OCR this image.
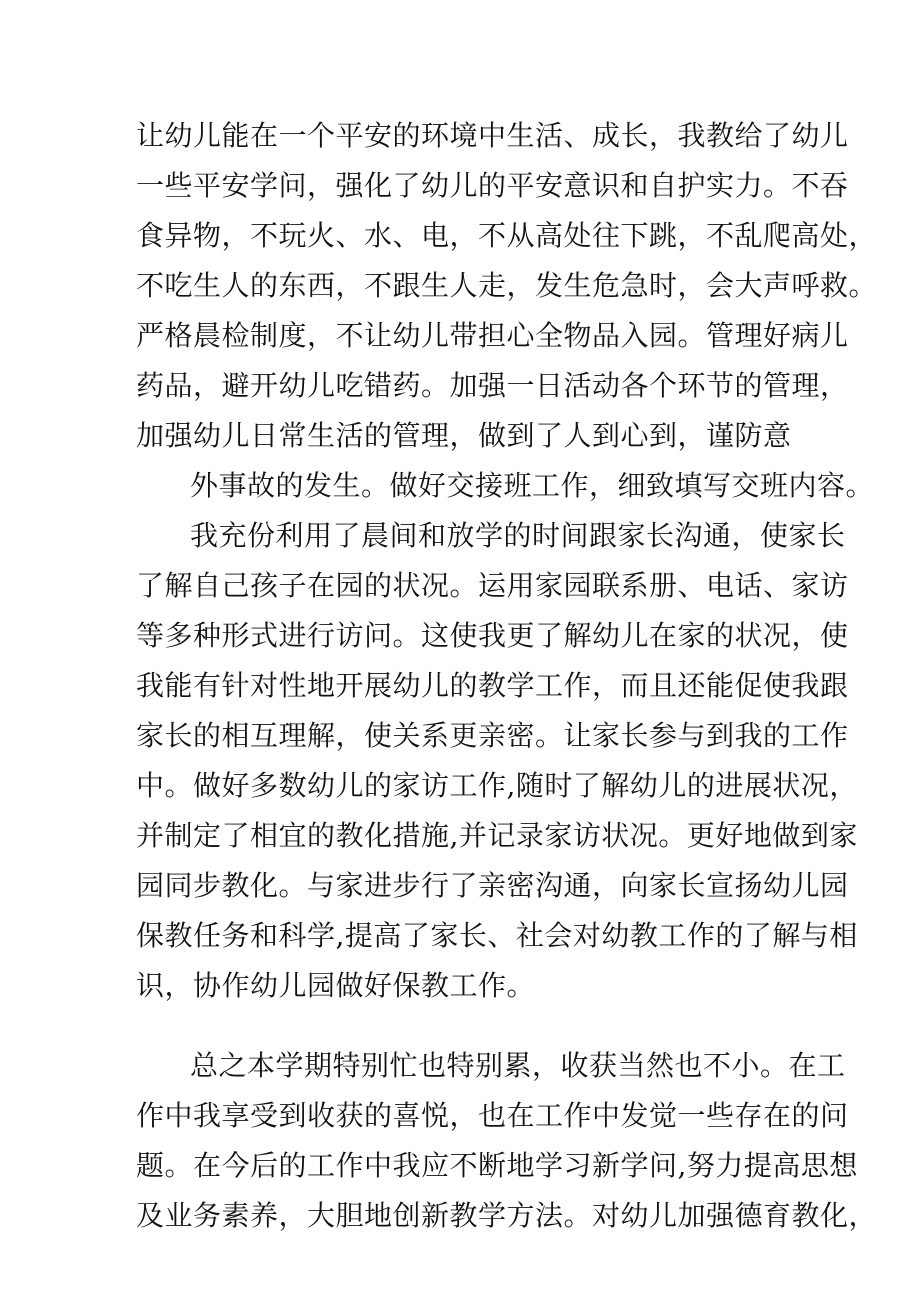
让幼儿能在一个平安的环境中生活、成长，我教给了幼儿

一些平安学问，强化了幼儿的平安意识和自护实力。不吞

食异物，不玩火、水、电，不从高处往下跳，不乱爬高处，

不吃生人的东西，不跟生人走，发生危急时，会大声呼救。

严格晨检制度，不让幼儿带担心全物品入园。管理好病儿

药品，避开幼儿吃错药。加强一日活动各个环节的管理，

加强幼儿日常生活的管理，做到了人到心到，谨防意

外事故的发生。做好交接班工作，细致填写交班内容。

我充份利用了晨间和放学的时间跟家长沟通，使家长

了解自己孩子在园的状况。运用家园联系册、电话、家访

等多种形式进行访问。这使我更了解幼儿在家的状况，使

我能有针对性地开展幼儿的教学工作，而且还能促使我跟

家长的相互理解，使关系更亲密。让家长参与到我的工作

中。做好多数幼儿的家访工作,随时了解幼儿的进展状况，

并制定了相宜的教化措施,并记录家访状况。更好地做到家

园同步教化。与家进步行了亲密沟通，向家长宣扬幼儿园

保教任务和科学,提高了家长、社会对幼教工作的了解与相

识，协作幼儿园做好保教工作。

总之本学期特别忙也特别累，收获当然也不小。在工

作中我享受到收获的喜悦，也在工作中发觉一些存在的问

题。在今后的工作中我应不断地学习新学问,努力提高思想

及业务素养，大胆地创新教学方法。对幼儿加强德育教化，
